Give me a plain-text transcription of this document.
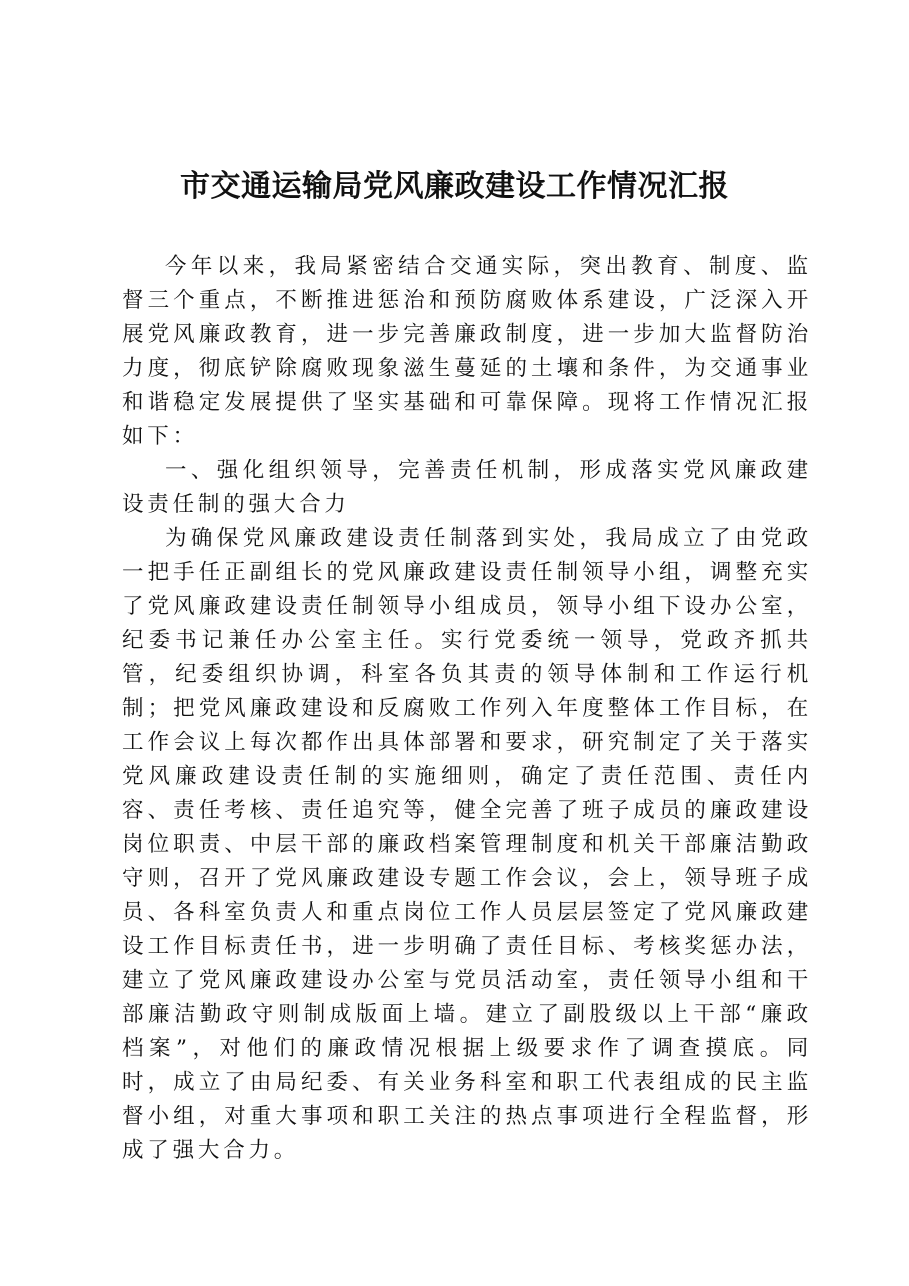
市交通运输局党风廉政建设工作情况汇报

今年以来，我局紧密结合交通实际，突出教育、制度、监督三个重点，不断推进惩治和预防腐败体系建设，广泛深入开展党风廉政教育，进一步完善廉政制度，进一步加大监督防治力度，彻底铲除腐败现象滋生蔓延的土壤和条件，为交通事业和谐稳定发展提供了坚实基础和可靠保障。现将工作情况汇报如下：

一、强化组织领导，完善责任机制，形成落实党风廉政建设责任制的强大合力

为确保党风廉政建设责任制落到实处，我局成立了由党政一把手任正副组长的党风廉政建设责任制领导小组，调整充实了党风廉政建设责任制领导小组成员，领导小组下设办公室，纪委书记兼任办公室主任。实行党委统一领导，党政齐抓共管，纪委组织协调，科室各负其责的领导体制和工作运行机制；把党风廉政建设和反腐败工作列入年度整体工作目标，在工作会议上每次都作出具体部署和要求，研究制定了关于落实党风廉政建设责任制的实施细则，确定了责任范围、责任内容、责任考核、责任追究等，健全完善了班子成员的廉政建设岗位职责、中层干部的廉政档案管理制度和机关干部廉洁勤政守则，召开了党风廉政建设专题工作会议，会上，领导班子成员、各科室负责人和重点岗位工作人员层层签定了党风廉政建设工作目标责任书，进一步明确了责任目标、考核奖惩办法，建立了党风廉政建设办公室与党员活动室，责任领导小组和干部廉洁勤政守则制成版面上墙。建立了副股级以上干部“廉政档案”，对他们的廉政情况根据上级要求作了调查摸底。同时，成立了由局纪委、有关业务科室和职工代表组成的民主监督小组，对重大事项和职工关注的热点事项进行全程监督，形成了强大合力。
